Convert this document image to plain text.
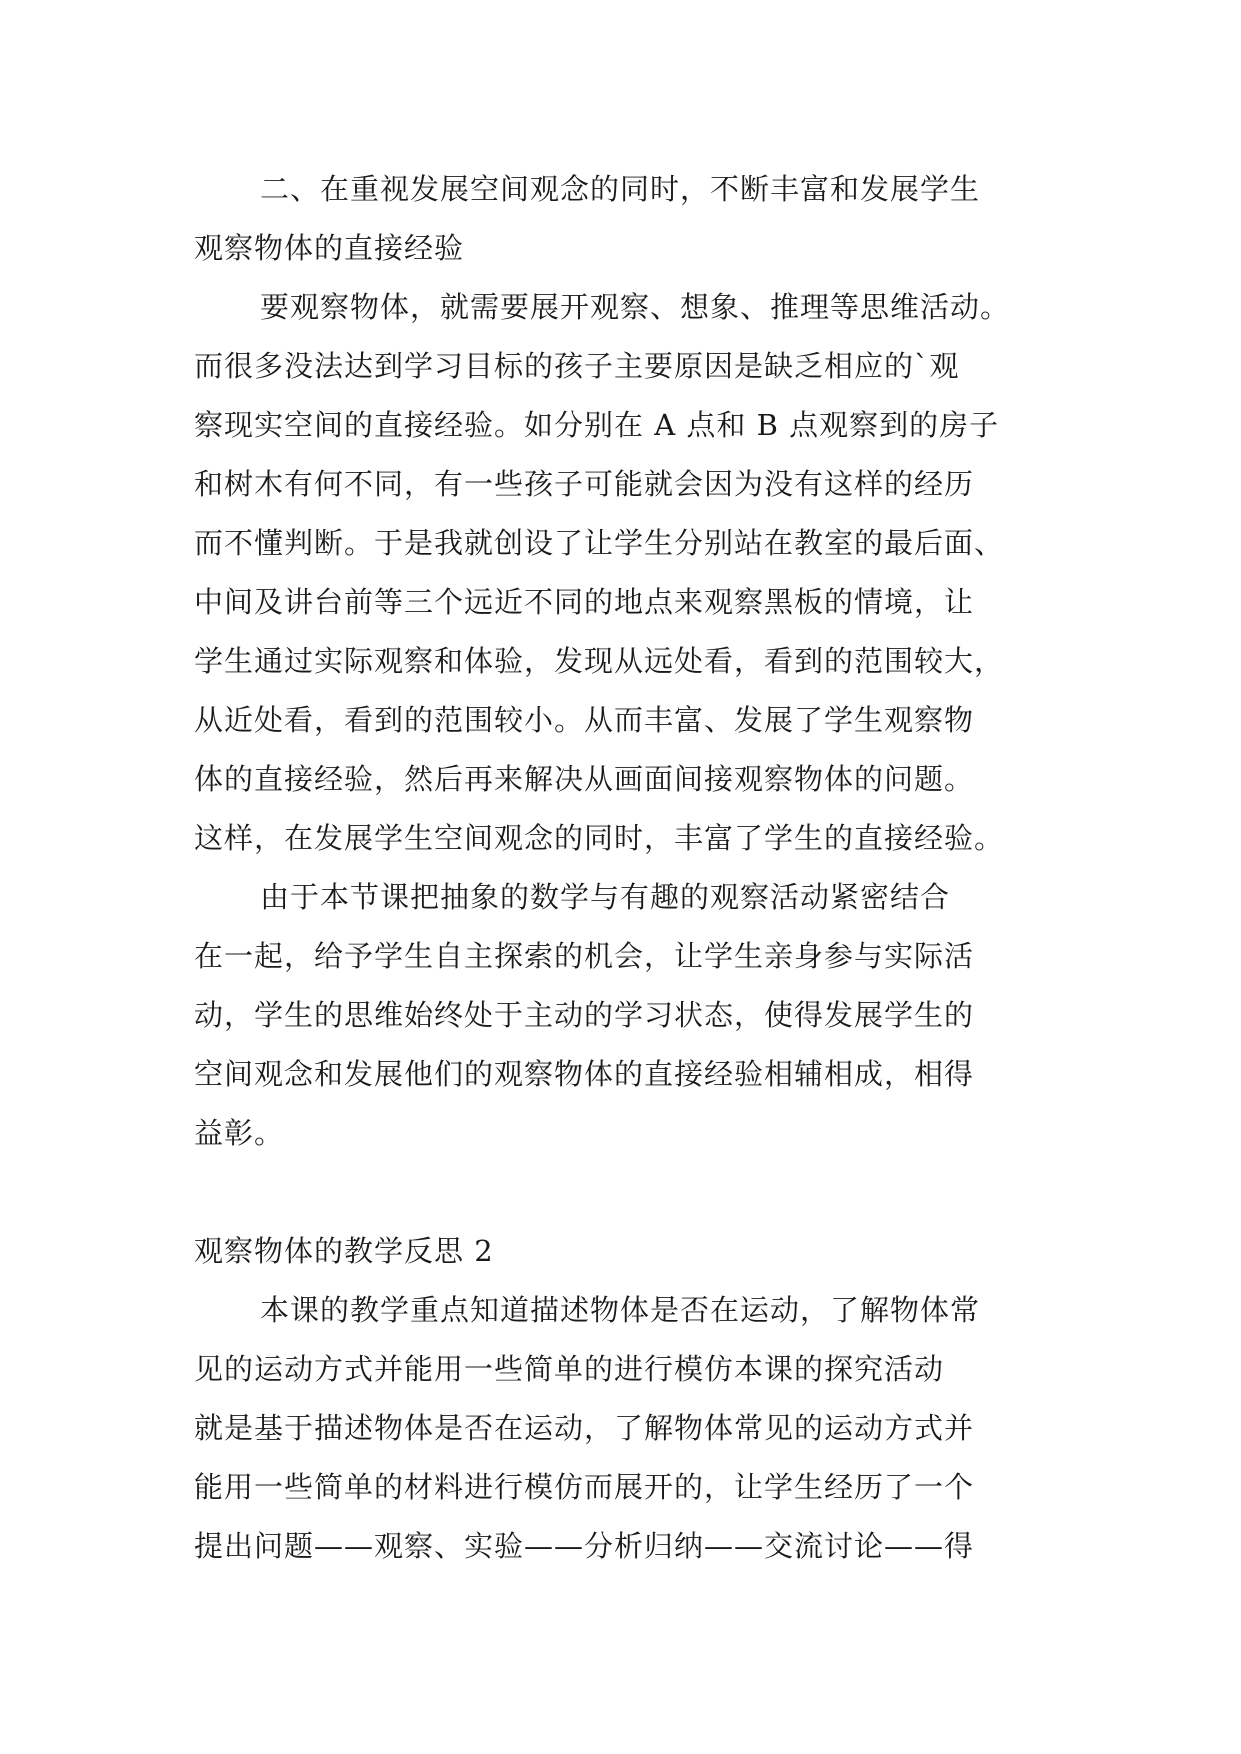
二、在重视发展空间观念的同时，不断丰富和发展学生
观察物体的直接经验
要观察物体，就需要展开观察、想象、推理等思维活动。
而很多没法达到学习目标的孩子主要原因是缺乏相应的`观
察现实空间的直接经验。如分别在 A 点和 B 点观察到的房子
和树木有何不同，有一些孩子可能就会因为没有这样的经历
而不懂判断。于是我就创设了让学生分别站在教室的最后面、
中间及讲台前等三个远近不同的地点来观察黑板的情境，让
学生通过实际观察和体验，发现从远处看，看到的范围较大，
从近处看，看到的范围较小。从而丰富、发展了学生观察物
体的直接经验，然后再来解决从画面间接观察物体的问题。
这样，在发展学生空间观念的同时，丰富了学生的直接经验。
由于本节课把抽象的数学与有趣的观察活动紧密结合
在一起，给予学生自主探索的机会，让学生亲身参与实际活
动，学生的思维始终处于主动的学习状态，使得发展学生的
空间观念和发展他们的观察物体的直接经验相辅相成，相得
益彰。
观察物体的教学反思 2
本课的教学重点知道描述物体是否在运动，了解物体常
见的运动方式并能用一些简单的进行模仿本课的探究活动
就是基于描述物体是否在运动，了解物体常见的运动方式并
能用一些简单的材料进行模仿而展开的，让学生经历了一个
提出问题——观察、实验——分析归纳——交流讨论——得
